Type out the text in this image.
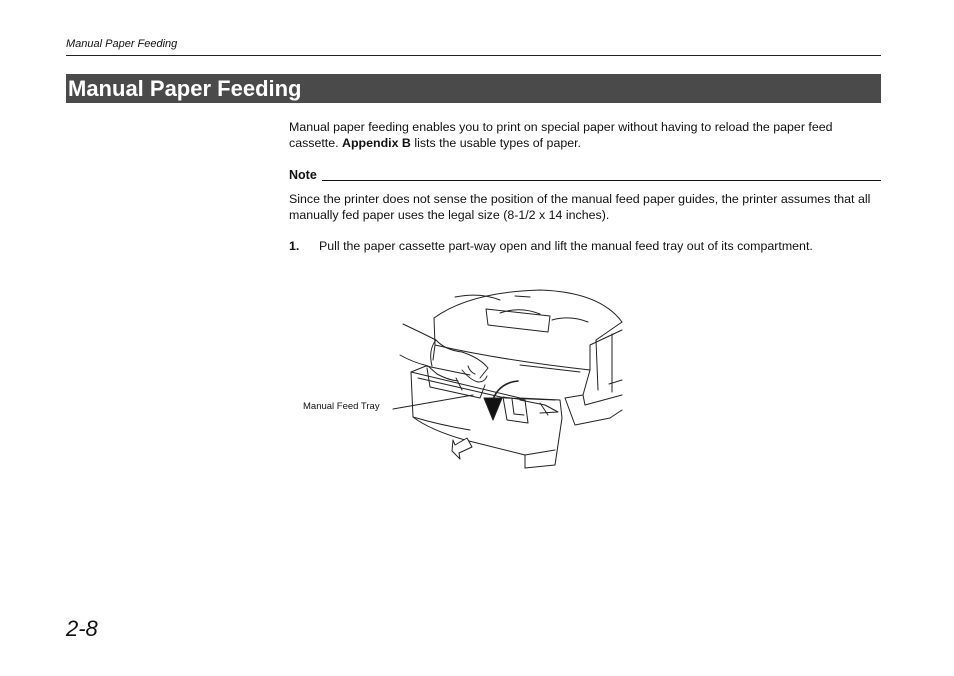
Manual Paper Feeding
Manual Paper Feeding
Manual paper feeding enables you to print on special paper without having to reload the paper feed cassette. Appendix B lists the usable types of paper.
Note
Since the printer does not sense the position of the manual feed paper guides, the printer assumes that all manually fed paper uses the legal size (8-1/2 x 14 inches).
1. Pull the paper cassette part-way open and lift the manual feed tray out of its compartment.
Manual Feed Tray
2-8
